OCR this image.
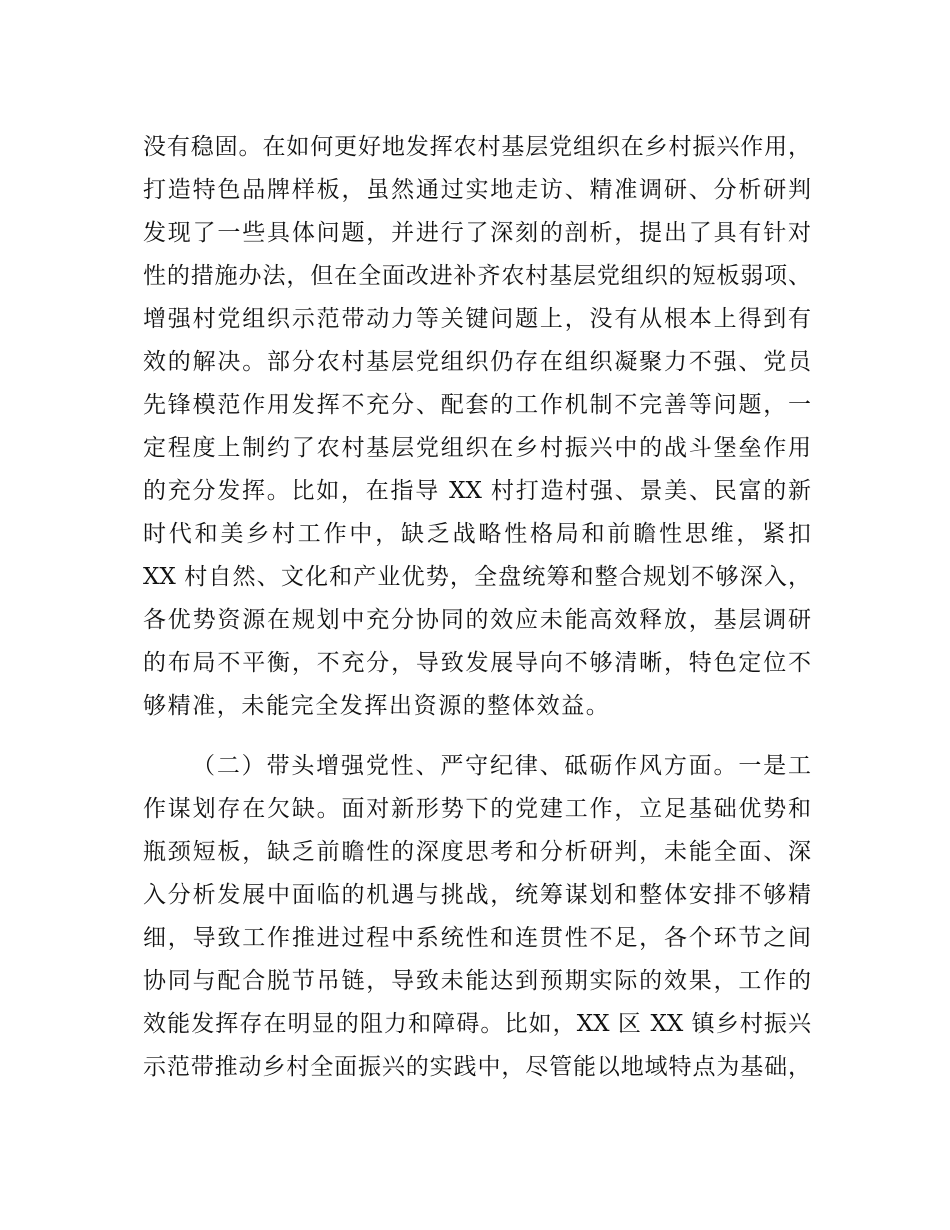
没有稳固。在如何更好地发挥农村基层党组织在乡村振兴作用，
打造特色品牌样板，虽然通过实地走访、精准调研、分析研判
发现了一些具体问题，并进行了深刻的剖析，提出了具有针对
性的措施办法，但在全面改进补齐农村基层党组织的短板弱项、
增强村党组织示范带动力等关键问题上，没有从根本上得到有
效的解决。部分农村基层党组织仍存在组织凝聚力不强、党员
先锋模范作用发挥不充分、配套的工作机制不完善等问题，一
定程度上制约了农村基层党组织在乡村振兴中的战斗堡垒作用
的充分发挥。比如，在指导 XX 村打造村强、景美、民富的新
时代和美乡村工作中，缺乏战略性格局和前瞻性思维，紧扣
XX 村自然、文化和产业优势，全盘统筹和整合规划不够深入，
各优势资源在规划中充分协同的效应未能高效释放，基层调研
的布局不平衡，不充分，导致发展导向不够清晰，特色定位不
够精准，未能完全发挥出资源的整体效益。
（二）带头增强党性、严守纪律、砥砺作风方面。一是工
作谋划存在欠缺。面对新形势下的党建工作，立足基础优势和
瓶颈短板，缺乏前瞻性的深度思考和分析研判，未能全面、深
入分析发展中面临的机遇与挑战，统筹谋划和整体安排不够精
细，导致工作推进过程中系统性和连贯性不足，各个环节之间
协同与配合脱节吊链，导致未能达到预期实际的效果，工作的
效能发挥存在明显的阻力和障碍。比如，XX 区 XX 镇乡村振兴
示范带推动乡村全面振兴的实践中，尽管能以地域特点为基础，
